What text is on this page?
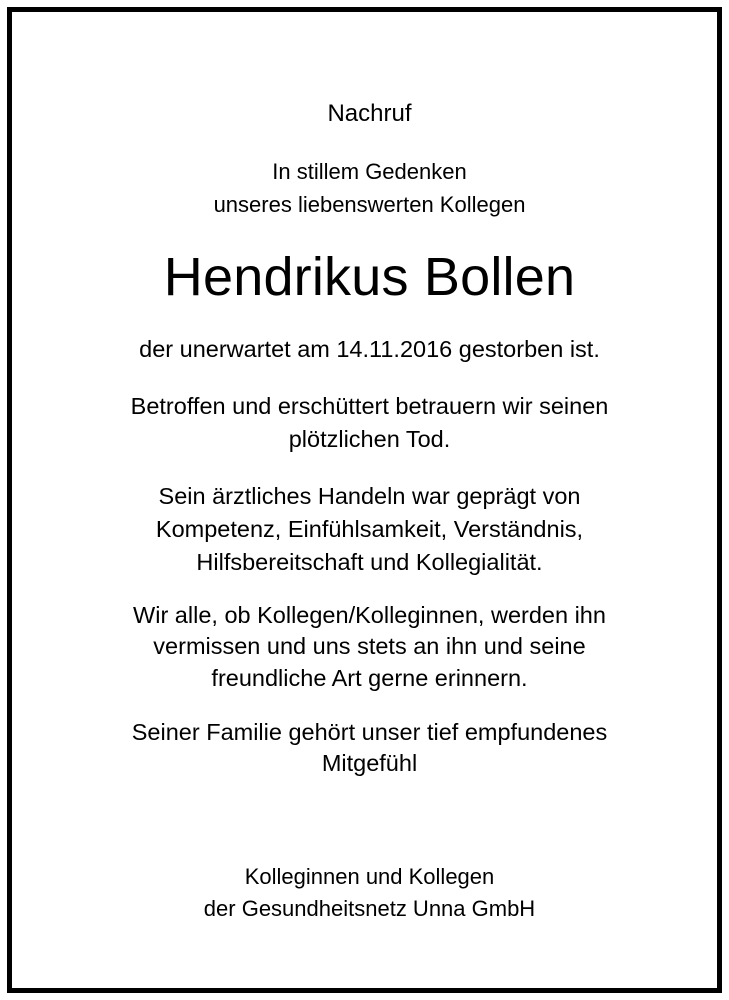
Nachruf
In stillem Gedenken
unseres liebenswerten Kollegen
Hendrikus Bollen
der unerwartet am 14.11.2016 gestorben ist.
Betroffen und erschüttert betrauern wir seinen
plötzlichen Tod.
Sein ärztliches Handeln war geprägt von
Kompetenz, Einfühlsamkeit, Verständnis,
Hilfsbereitschaft und Kollegialität.
Wir alle, ob Kollegen/Kolleginnen, werden ihn
vermissen und uns stets an ihn und seine
freundliche Art gerne erinnern.
Seiner Familie gehört unser tief empfundenes
Mitgefühl
Kolleginnen und Kollegen
der Gesundheitsnetz Unna GmbH
